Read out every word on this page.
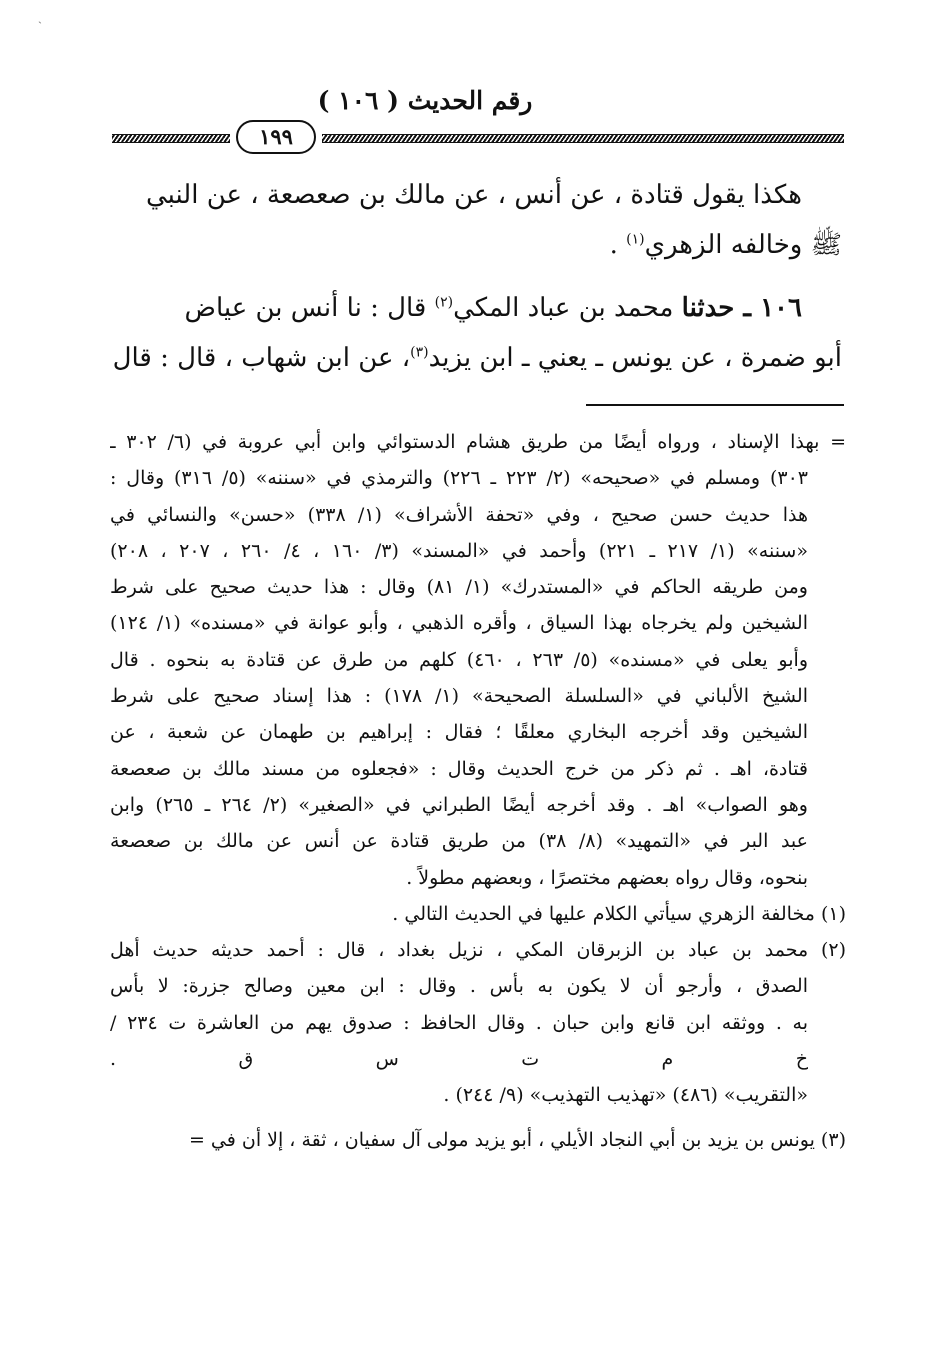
ˏ
رقم الحديث ( ١٠٦ )
١٩٩
هكذا يقول قتادة ، عن أنس ، عن مالك بن صعصعة ، عن النبي
ﷺ وخالفه الزهري$^{(١)}$ .
١٠٦ ـ حدثنا محمد بن عباد المكي$^{(٢)}$ قال : نا أنس بن عياض
أبو ضمرة ، عن يونس ـ يعني ـ ابن يزيد$^{(٣)}$، عن ابن شهاب ، قال : قال
= بهذا الإسناد ، ورواه أيضًا من طريق هشام الدستوائي وابن أبي عروبة في (٦/ ٣٠٢ ـ
٣٠٣) ومسلم في «صحيحه» (٢/ ٢٢٣ ـ ٢٢٦) والترمذي في «سننه» (٥/ ٣١٦) وقال :
هذا حديث حسن صحيح ، وفي «تحفة الأشراف» (١/ ٣٣٨) «حسن» والنسائي في
«سننه» (١/ ٢١٧ ـ ٢٢١) وأحمد في «المسند» (٣/ ١٦٠ ، ٤/ ٢٦٠ ، ٢٠٧ ، ٢٠٨)
ومن طريقه الحاكم في «المستدرك» (١/ ٨١) وقال : هذا حديث صحيح على شرط
الشيخين ولم يخرجاه بهذا السياق ، وأقره الذهبي ، وأبو عوانة في «مسنده» (١/ ١٢٤)
وأبو يعلى في «مسنده» (٥/ ٢٦٣ ، ٤٦٠) كلهم من طرق عن قتادة به بنحوه . قال
الشيخ الألباني في «السلسلة الصحيحة» (١/ ١٧٨) : هذا إسناد صحيح على شرط
الشيخين وقد أخرجه البخاري معلقًا ؛ فقال : إبراهيم بن طهمان عن شعبة ، عن
قتادة، اهـ . ثم ذكر من خرج الحديث وقال : «فجعلوه من مسند مالك بن صعصعة
وهو الصواب» اهـ . وقد أخرجه أيضًا الطبراني في «الصغير» (٢/ ٢٦٤ ـ ٢٦٥) وابن
عبد البر في «التمهيد» (٨/ ٣٨) من طريق قتادة عن أنس عن مالك بن صعصعة
بنحوه، وقال رواه بعضهم مختصرًا ، وبعضهم مطولاً .
(١) مخالفة الزهري سيأتي الكلام عليها في الحديث التالي .
(٢) محمد بن عباد بن الزبرقان المكي ، نزيل بغداد ، قال : أحمد حديثه حديث أهل
الصدق ، وأرجو أن لا يكون به بأس . وقال : ابن معين وصالح جزرة: لا بأس
به . ووثقه ابن قانع وابن حبان . وقال الحافظ : صدوق يهم من العاشرة ت ٢٣٤ /
خ م ت س ق .
«التقريب» (٤٨٦) «تهذيب التهذيب» (٩/ ٢٤٤) .
(٣) يونس بن يزيد بن أبي النجاد الأيلي ، أبو يزيد مولى آل سفيان ، ثقة ، إلا أن في =
